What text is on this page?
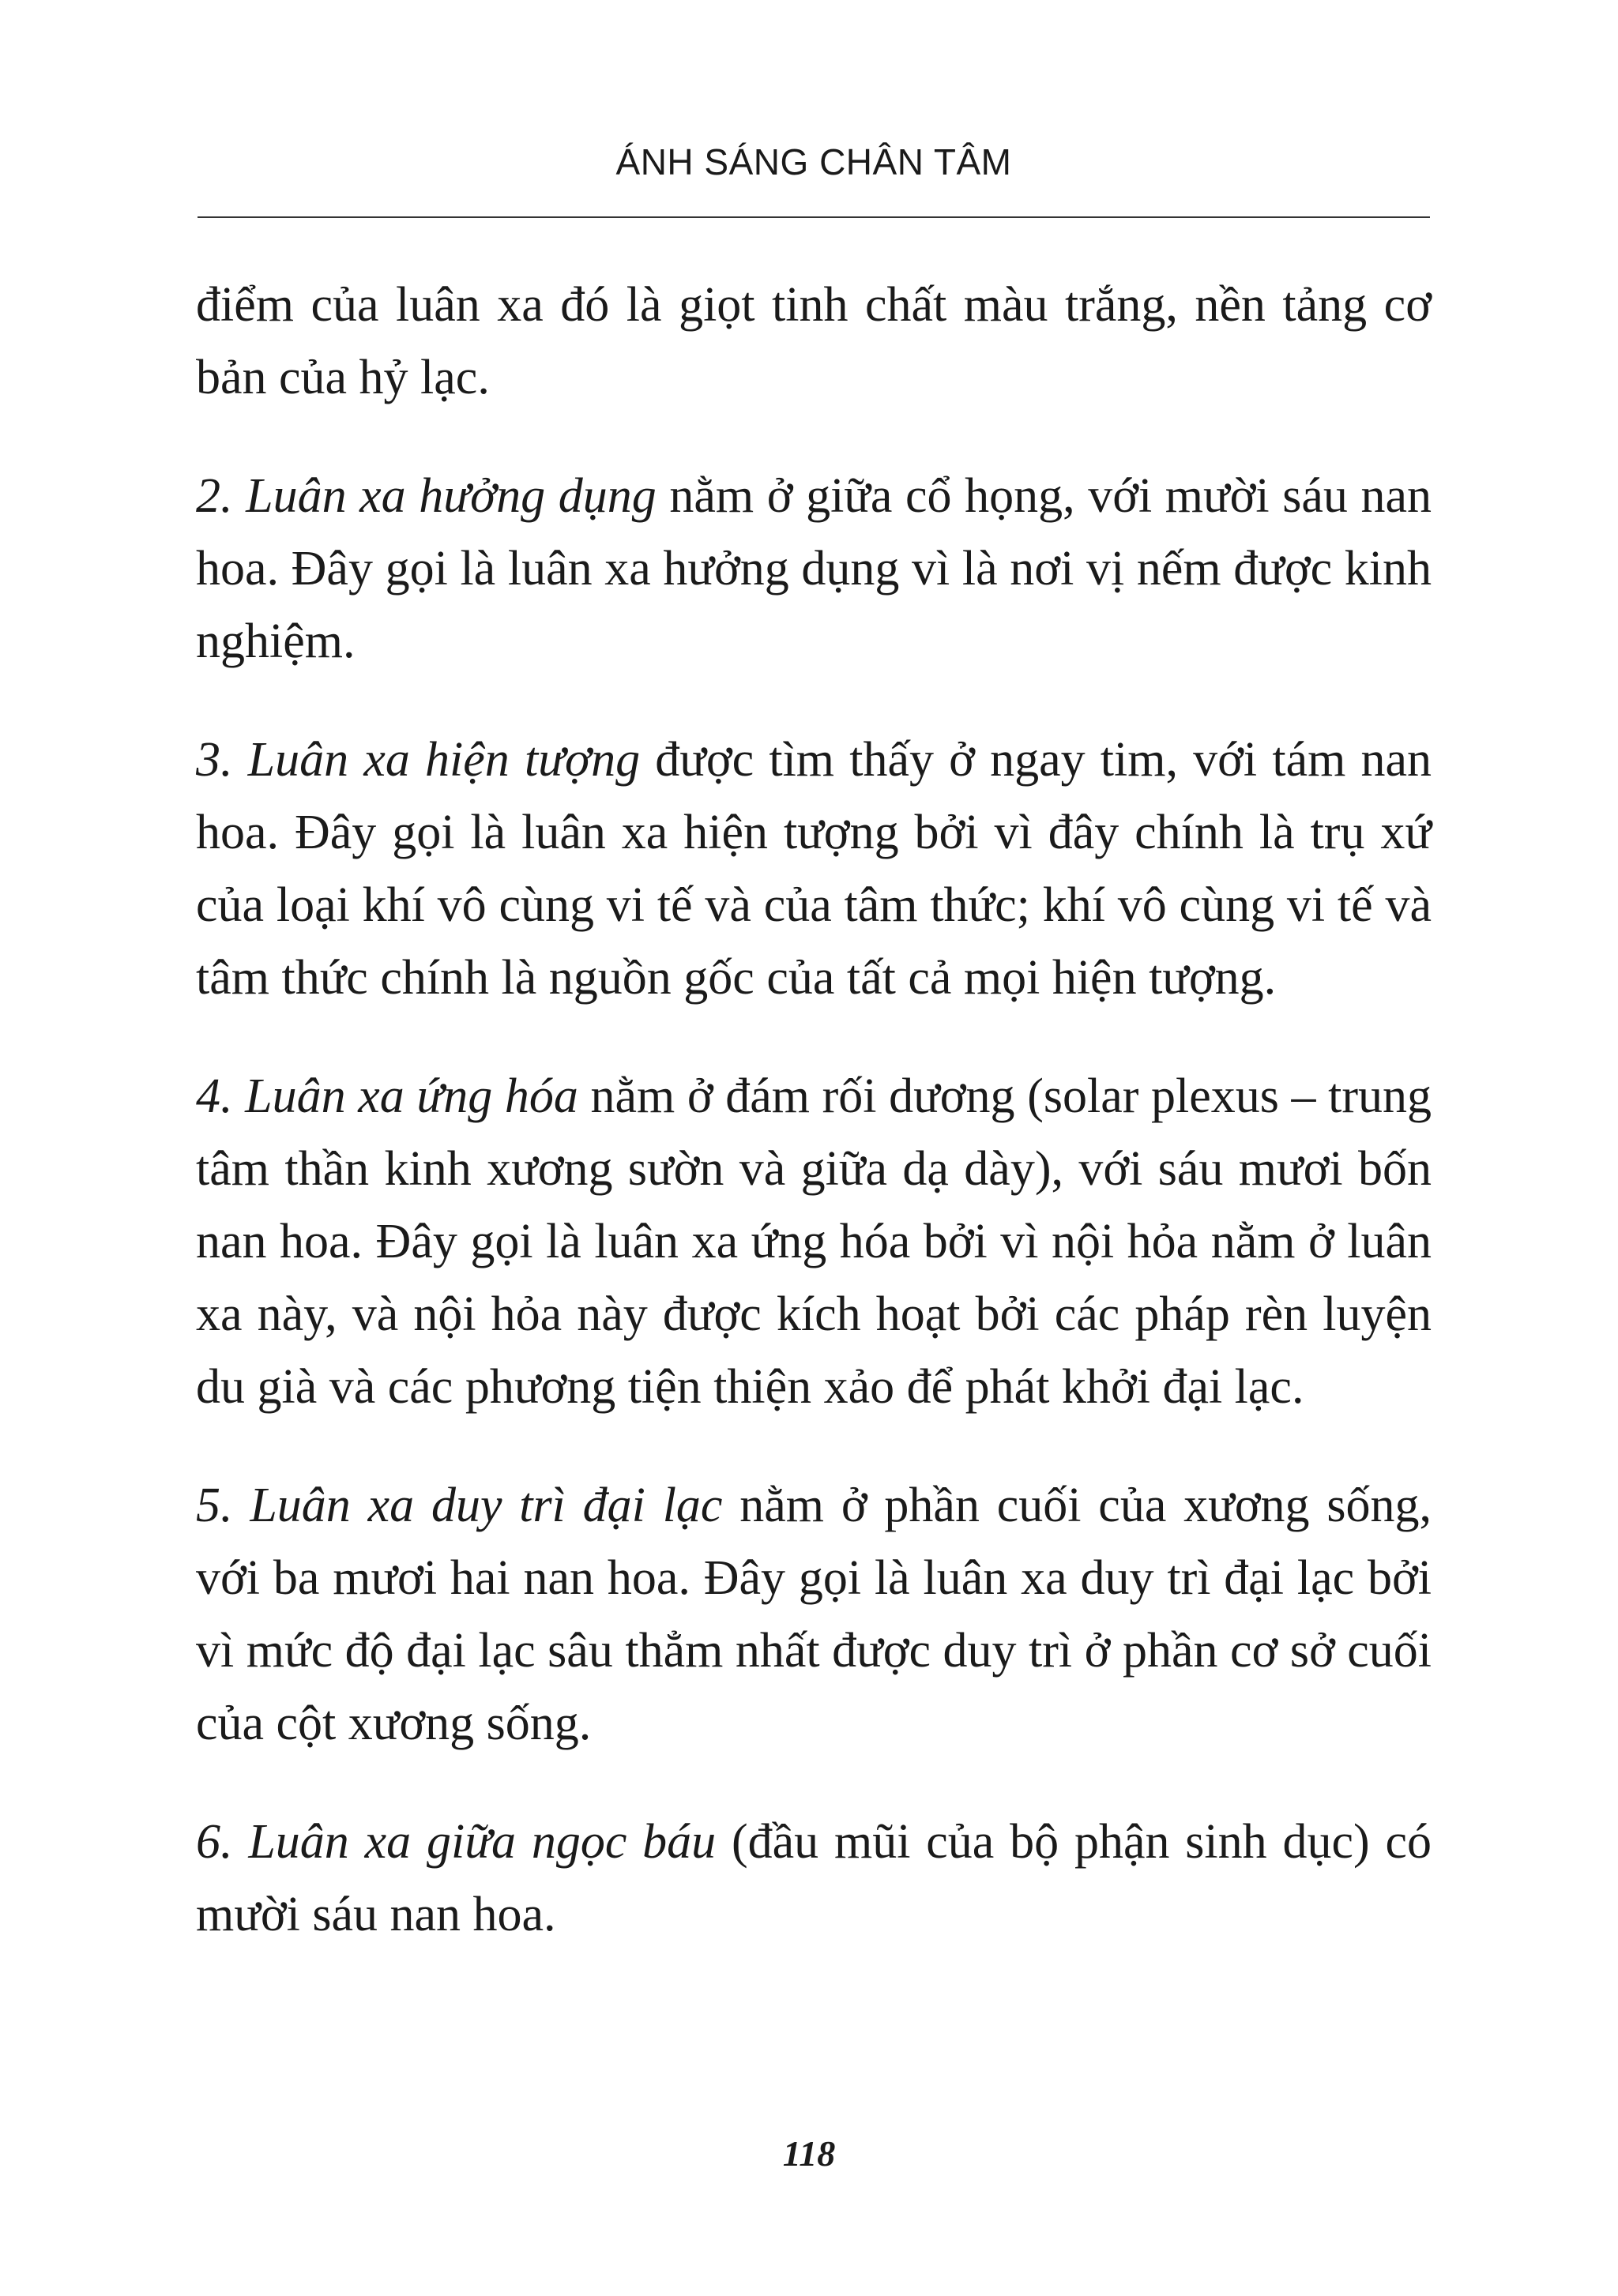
ÁNH SÁNG CHÂN TÂM

điểm của luân xa đó là giọt tinh chất màu trắng, nền tảng cơ bản của hỷ lạc.

2. Luân xa hưởng dụng nằm ở giữa cổ họng, với mười sáu nan hoa. Đây gọi là luân xa hưởng dụng vì là nơi vị nếm được kinh nghiệm.

3. Luân xa hiện tượng được tìm thấy ở ngay tim, với tám nan hoa. Đây gọi là luân xa hiện tượng bởi vì đây chính là trụ xứ của loại khí vô cùng vi tế và của tâm thức; khí vô cùng vi tế và tâm thức chính là nguồn gốc của tất cả mọi hiện tượng.

4. Luân xa ứng hóa nằm ở đám rối dương (solar plexus – trung tâm thần kinh xương sườn và giữa dạ dày), với sáu mươi bốn nan hoa. Đây gọi là luân xa ứng hóa bởi vì nội hỏa nằm ở luân xa này, và nội hỏa này được kích hoạt bởi các pháp rèn luyện du già và các phương tiện thiện xảo để phát khởi đại lạc.

5. Luân xa duy trì đại lạc nằm ở phần cuối của xương sống, với ba mươi hai nan hoa. Đây gọi là luân xa duy trì đại lạc bởi vì mức độ đại lạc sâu thẳm nhất được duy trì ở phần cơ sở cuối của cột xương sống.

6. Luân xa giữa ngọc báu (đầu mũi của bộ phận sinh dục) có mười sáu nan hoa.

118
